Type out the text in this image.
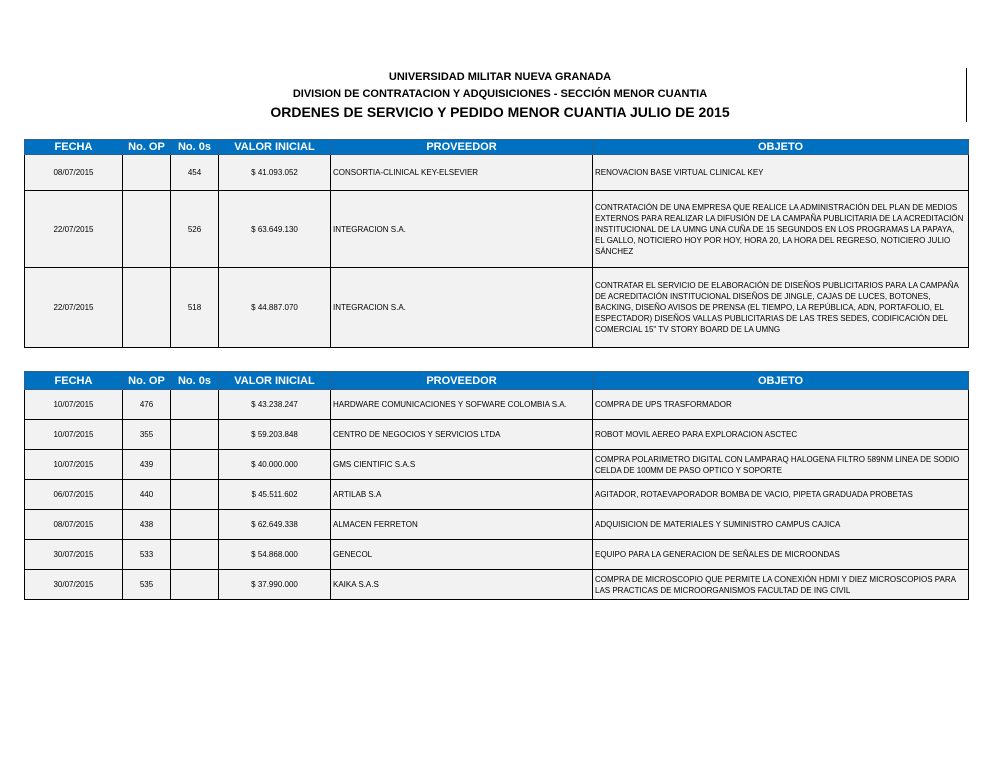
UNIVERSIDAD MILITAR NUEVA GRANADA
DIVISION DE CONTRATACION Y ADQUISICIONES - SECCIÓN MENOR CUANTIA
ORDENES DE SERVICIO Y PEDIDO MENOR CUANTIA JULIO DE 2015
FECHA	No. OP	No. 0s	VALOR INICIAL	PROVEEDOR	OBJETO
08/07/2015		454	$ 41.093.052	CONSORTIA-CLINICAL KEY-ELSEVIER	RENOVACION BASE VIRTUAL CLINICAL KEY
22/07/2015		526	$ 63.649.130	INTEGRACION S.A.	CONTRATACIÓN DE UNA EMPRESA QUE REALICE LA ADMINISTRACIÓN DEL PLAN DE MEDIOS EXTERNOS PARA REALIZAR LA DIFUSIÓN DE LA CAMPAÑA PUBLICITARIA DE LA ACREDITACIÓN INSTITUCIONAL DE LA UMNG UNA CUÑA DE 15 SEGUNDOS EN LOS PROGRAMAS LA PAPAYA, EL GALLO, NOTICIERO HOY POR HOY, HORA 20, LA HORA DEL REGRESO, NOTICIERO JULIO SÁNCHEZ
22/07/2015		518	$ 44.887.070	INTEGRACION S.A.	CONTRATAR EL SERVICIO DE ELABORACIÓN DE DISEÑOS PUBLICITARIOS PARA LA CAMPAÑA DE ACREDITACIÓN INSTITUCIONAL DISEÑOS DE JINGLE, CAJAS DE LUCES, BOTONES, BACKING, DISEÑO AVISOS DE PRENSA (EL TIEMPO, LA REPÚBLICA, ADN, PORTAFOLIO, EL ESPECTADOR) DISEÑOS VALLAS PUBLICITARIAS DE LAS TRES SEDES, CODIFICACIÓN DEL COMERCIAL 15" TV STORY BOARD DE LA UMNG
FECHA	No. OP	No. 0s	VALOR INICIAL	PROVEEDOR	OBJETO
10/07/2015	476		$ 43.238.247	HARDWARE COMUNICACIONES Y SOFWARE COLOMBIA S.A.	COMPRA DE UPS TRASFORMADOR
10/07/2015	355		$ 59.203.848	CENTRO DE NEGOCIOS Y SERVICIOS LTDA	ROBOT MOVIL AEREO PARA EXPLORACION ASCTEC
10/07/2015	439		$ 40.000.000	GMS CIENTIFIC S.A.S	COMPRA POLARIMETRO DIGITAL CON LAMPARAQ HALOGENA FILTRO 589NM LINEA DE SODIO CELDA DE 100MM DE PASO OPTICO Y SOPORTE
06/07/2015	440		$ 45.511.602	ARTILAB S.A	AGITADOR, ROTAEVAPORADOR BOMBA DE VACIO, PIPETA GRADUADA PROBETAS
08/07/2015	438		$ 62.649.338	ALMACEN FERRETON	ADQUISICION DE MATERIALES Y SUMINISTRO CAMPUS CAJICA
30/07/2015	533		$ 54.868.000	GENECOL	EQUIPO PARA LA GENERACION DE SEÑALES DE MICROONDAS
30/07/2015	535		$ 37.990.000	KAIKA S.A.S	COMPRA DE MICROSCOPIO QUE PERMITE LA CONEXIÓN HDMI Y DIEZ MICROSCOPIOS PARA LAS PRACTICAS DE MICROORGANISMOS FACULTAD DE ING CIVIL
